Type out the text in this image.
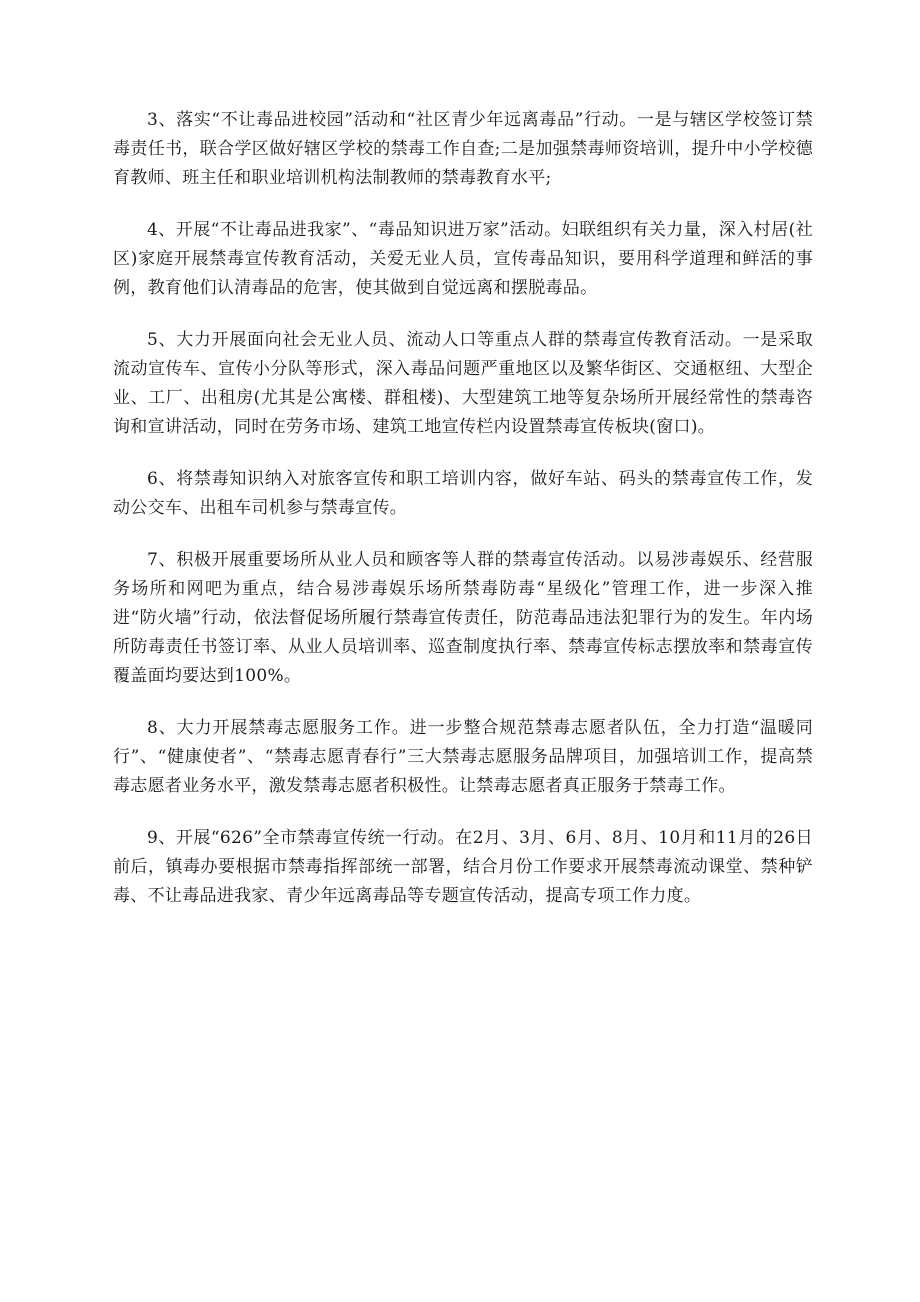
3、落实“不让毒品进校园”活动和“社区青少年远离毒品”行动。一是与辖区学校签订禁毒责任书，联合学区做好辖区学校的禁毒工作自查;二是加强禁毒师资培训，提升中小学校德育教师、班主任和职业培训机构法制教师的禁毒教育水平;

4、开展“不让毒品进我家”、“毒品知识进万家”活动。妇联组织有关力量，深入村居(社区)家庭开展禁毒宣传教育活动，关爱无业人员，宣传毒品知识，要用科学道理和鲜活的事例，教育他们认清毒品的危害，使其做到自觉远离和摆脱毒品。

5、大力开展面向社会无业人员、流动人口等重点人群的禁毒宣传教育活动。一是采取流动宣传车、宣传小分队等形式，深入毒品问题严重地区以及繁华街区、交通枢纽、大型企业、工厂、出租房(尤其是公寓楼、群租楼)、大型建筑工地等复杂场所开展经常性的禁毒咨询和宣讲活动，同时在劳务市场、建筑工地宣传栏内设置禁毒宣传板块(窗口)。

6、将禁毒知识纳入对旅客宣传和职工培训内容，做好车站、码头的禁毒宣传工作，发动公交车、出租车司机参与禁毒宣传。

7、积极开展重要场所从业人员和顾客等人群的禁毒宣传活动。以易涉毒娱乐、经营服务场所和网吧为重点，结合易涉毒娱乐场所禁毒防毒“星级化”管理工作，进一步深入推进“防火墙”行动，依法督促场所履行禁毒宣传责任，防范毒品违法犯罪行为的发生。年内场所防毒责任书签订率、从业人员培训率、巡查制度执行率、禁毒宣传标志摆放率和禁毒宣传覆盖面均要达到100%。

8、大力开展禁毒志愿服务工作。进一步整合规范禁毒志愿者队伍，全力打造“温暖同行”、“健康使者”、“禁毒志愿青春行”三大禁毒志愿服务品牌项目，加强培训工作，提高禁毒志愿者业务水平，激发禁毒志愿者积极性。让禁毒志愿者真正服务于禁毒工作。

9、开展“626”全市禁毒宣传统一行动。在2月、3月、6月、8月、10月和11月的26日前后，镇毒办要根据市禁毒指挥部统一部署，结合月份工作要求开展禁毒流动课堂、禁种铲毒、不让毒品进我家、青少年远离毒品等专题宣传活动，提高专项工作力度。
